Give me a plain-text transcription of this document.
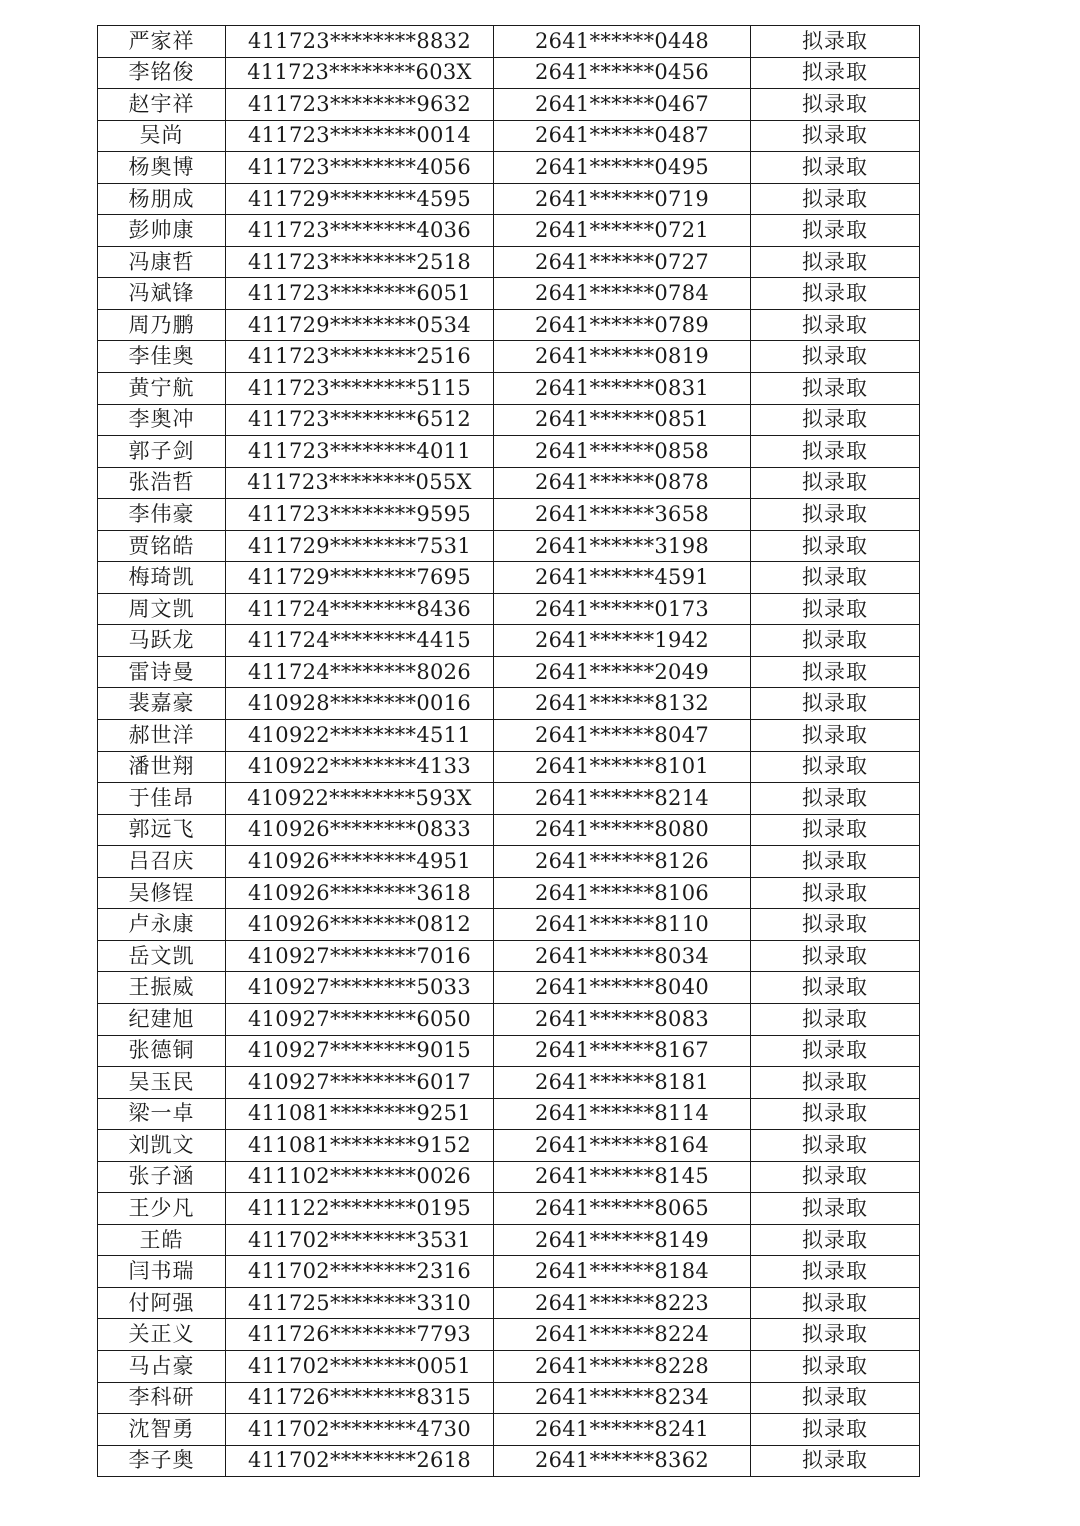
严家祥	411723********8832	2641******0448	拟录取
李铭俊	411723********603X	2641******0456	拟录取
赵宇祥	411723********9632	2641******0467	拟录取
吴尚	411723********0014	2641******0487	拟录取
杨奥博	411723********4056	2641******0495	拟录取
杨朋成	411729********4595	2641******0719	拟录取
彭帅康	411723********4036	2641******0721	拟录取
冯康哲	411723********2518	2641******0727	拟录取
冯斌锋	411723********6051	2641******0784	拟录取
周乃鹏	411729********0534	2641******0789	拟录取
李佳奥	411723********2516	2641******0819	拟录取
黄宁航	411723********5115	2641******0831	拟录取
李奥冲	411723********6512	2641******0851	拟录取
郭子剑	411723********4011	2641******0858	拟录取
张浩哲	411723********055X	2641******0878	拟录取
李伟豪	411723********9595	2641******3658	拟录取
贾铭皓	411729********7531	2641******3198	拟录取
梅琦凯	411729********7695	2641******4591	拟录取
周文凯	411724********8436	2641******0173	拟录取
马跃龙	411724********4415	2641******1942	拟录取
雷诗曼	411724********8026	2641******2049	拟录取
裴嘉豪	410928********0016	2641******8132	拟录取
郝世洋	410922********4511	2641******8047	拟录取
潘世翔	410922********4133	2641******8101	拟录取
于佳昂	410922********593X	2641******8214	拟录取
郭远飞	410926********0833	2641******8080	拟录取
吕召庆	410926********4951	2641******8126	拟录取
吴修锃	410926********3618	2641******8106	拟录取
卢永康	410926********0812	2641******8110	拟录取
岳文凯	410927********7016	2641******8034	拟录取
王振威	410927********5033	2641******8040	拟录取
纪建旭	410927********6050	2641******8083	拟录取
张德铜	410927********9015	2641******8167	拟录取
吴玉民	410927********6017	2641******8181	拟录取
梁一卓	411081********9251	2641******8114	拟录取
刘凯文	411081********9152	2641******8164	拟录取
张子涵	411102********0026	2641******8145	拟录取
王少凡	411122********0195	2641******8065	拟录取
王皓	411702********3531	2641******8149	拟录取
闫书瑞	411702********2316	2641******8184	拟录取
付阿强	411725********3310	2641******8223	拟录取
关正义	411726********7793	2641******8224	拟录取
马占豪	411702********0051	2641******8228	拟录取
李科研	411726********8315	2641******8234	拟录取
沈智勇	411702********4730	2641******8241	拟录取
李子奥	411702********2618	2641******8362	拟录取
